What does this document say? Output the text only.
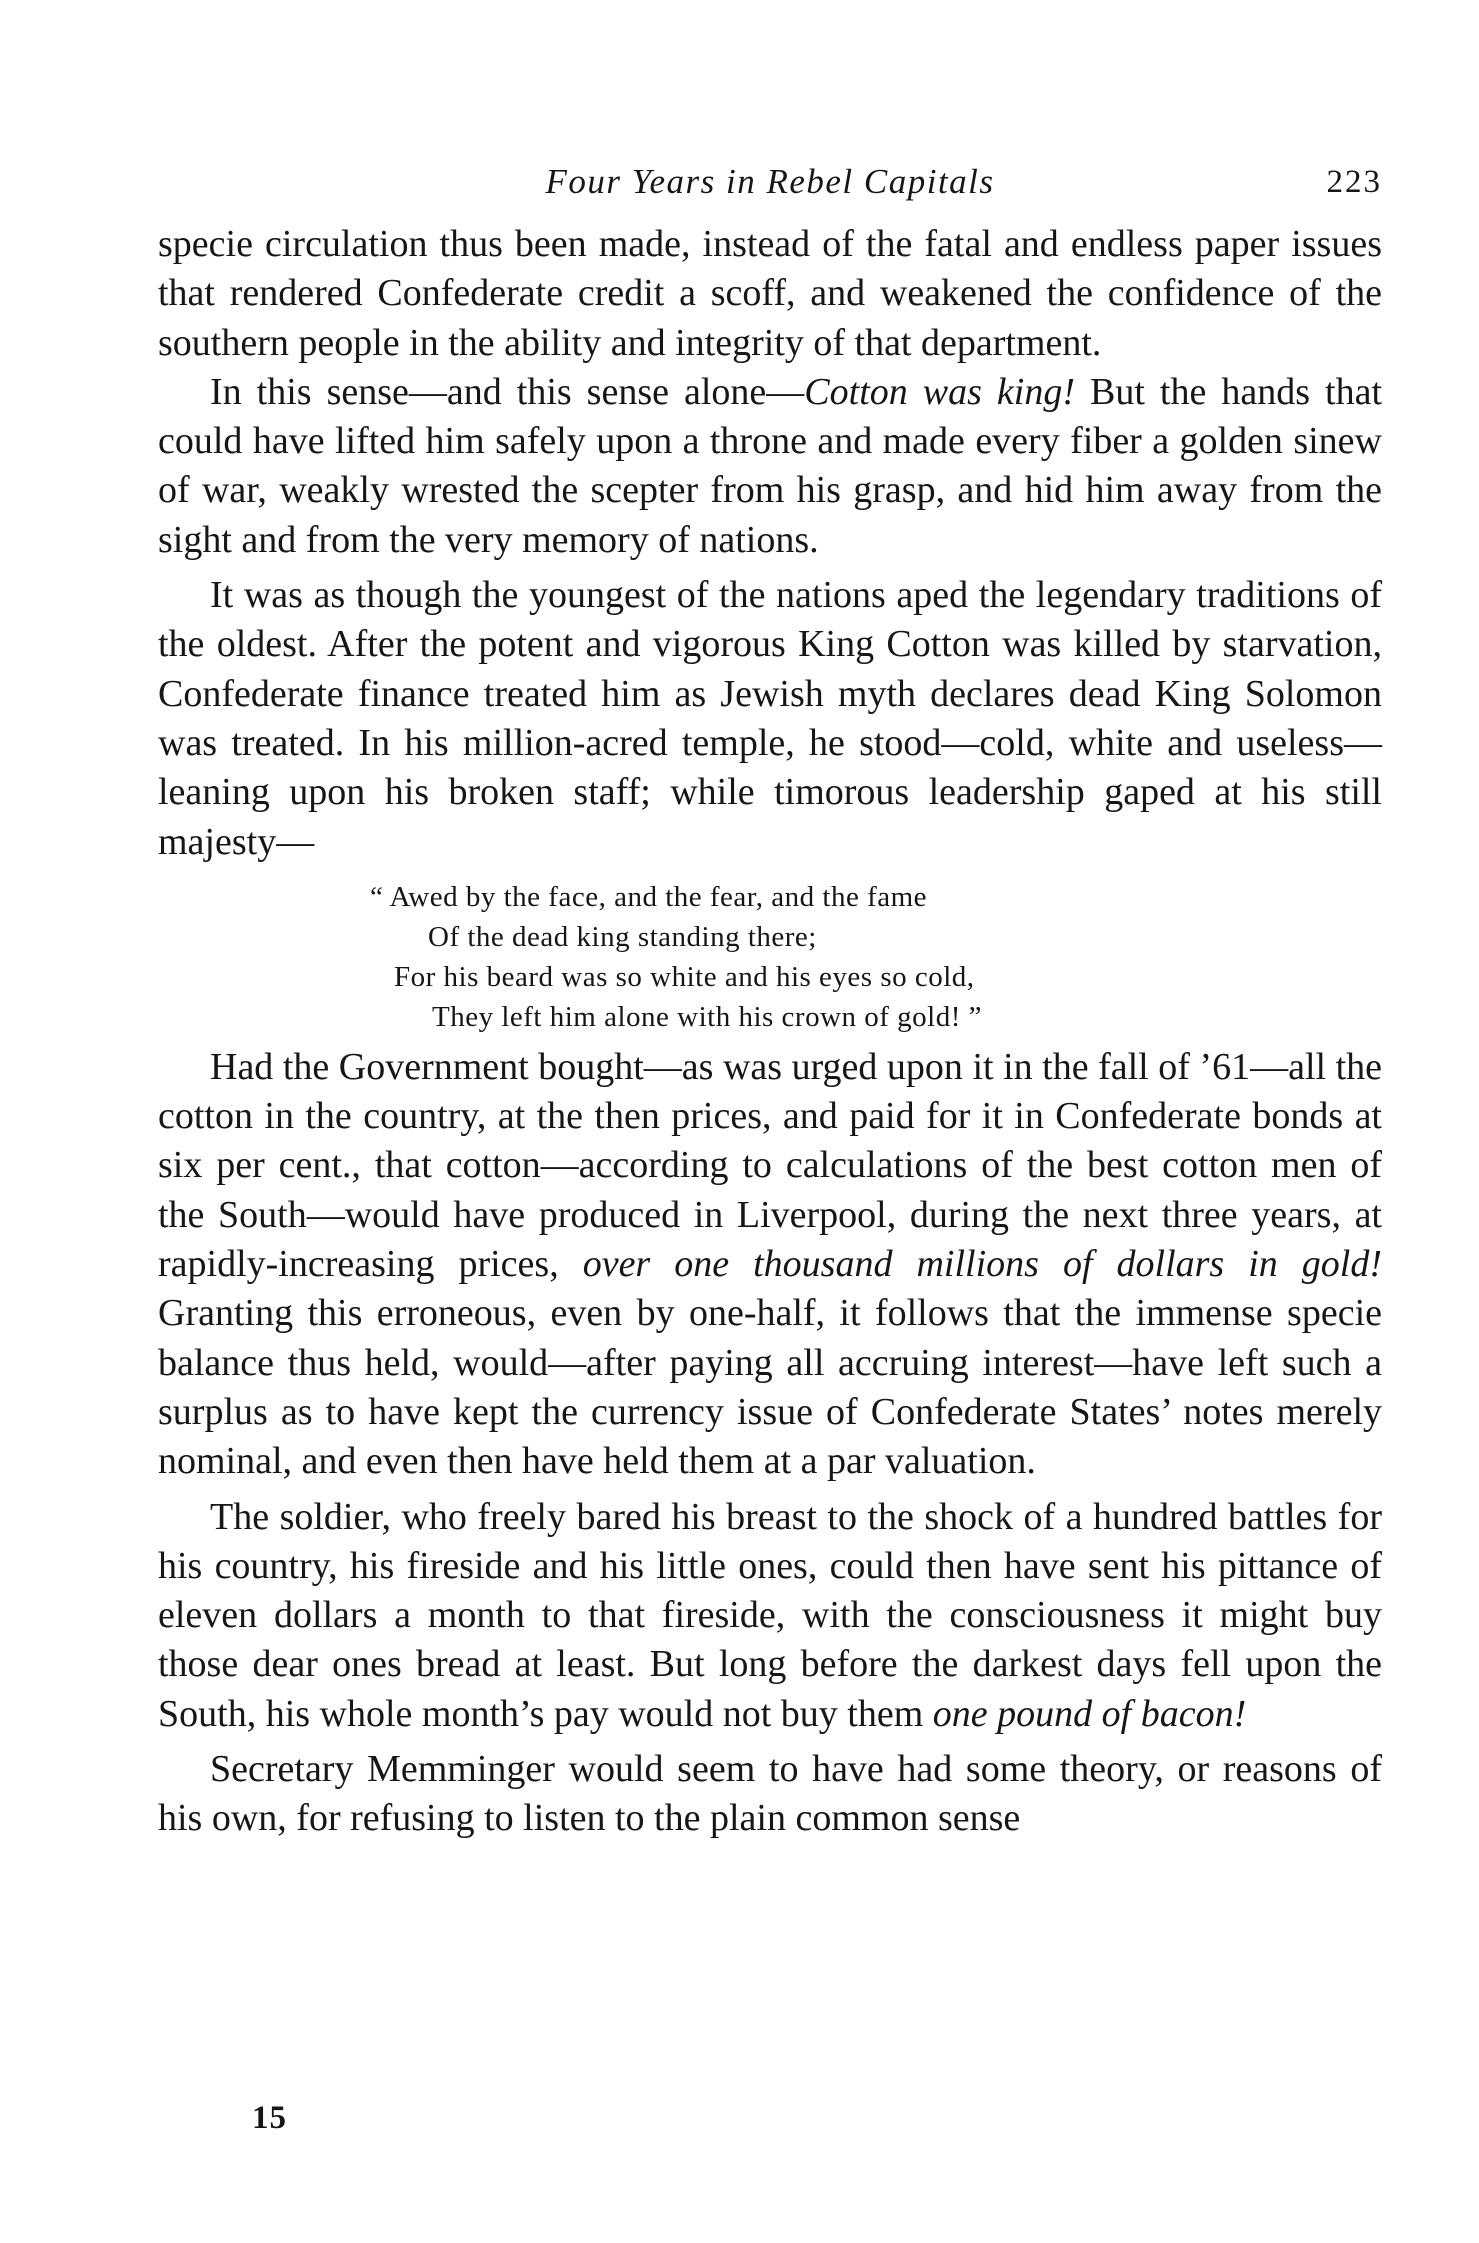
Four Years in Rebel Capitals	223

specie circulation thus been made, instead of the fatal and endless paper issues that rendered Confederate credit a scoff, and weakened the confidence of the southern people in the ability and integrity of that department.

In this sense—and this sense alone—Cotton was king! But the hands that could have lifted him safely upon a throne and made every fiber a golden sinew of war, weakly wrested the scepter from his grasp, and hid him away from the sight and from the very memory of nations.

It was as though the youngest of the nations aped the legendary traditions of the oldest. After the potent and vigorous King Cotton was killed by starvation, Confederate finance treated him as Jewish myth declares dead King Solomon was treated. In his million-acred temple, he stood—cold, white and useless—leaning upon his broken staff; while timorous leadership gaped at his still majesty—

“ Awed by the face, and the fear, and the fame
Of the dead king standing there;
For his beard was so white and his eyes so cold,
They left him alone with his crown of gold! ”

Had the Government bought—as was urged upon it in the fall of ’61—all the cotton in the country, at the then prices, and paid for it in Confederate bonds at six per cent., that cotton—according to calculations of the best cotton men of the South—would have produced in Liverpool, during the next three years, at rapidly-increasing prices, over one thousand millions of dollars in gold! Granting this erroneous, even by one-half, it follows that the immense specie balance thus held, would—after paying all accruing interest—have left such a surplus as to have kept the currency issue of Confederate States’ notes merely nominal, and even then have held them at a par valuation.

The soldier, who freely bared his breast to the shock of a hundred battles for his country, his fireside and his little ones, could then have sent his pittance of eleven dollars a month to that fireside, with the consciousness it might buy those dear ones bread at least. But long before the darkest days fell upon the South, his whole month’s pay would not buy them one pound of bacon!

Secretary Memminger would seem to have had some theory, or reasons of his own, for refusing to listen to the plain common sense

15
